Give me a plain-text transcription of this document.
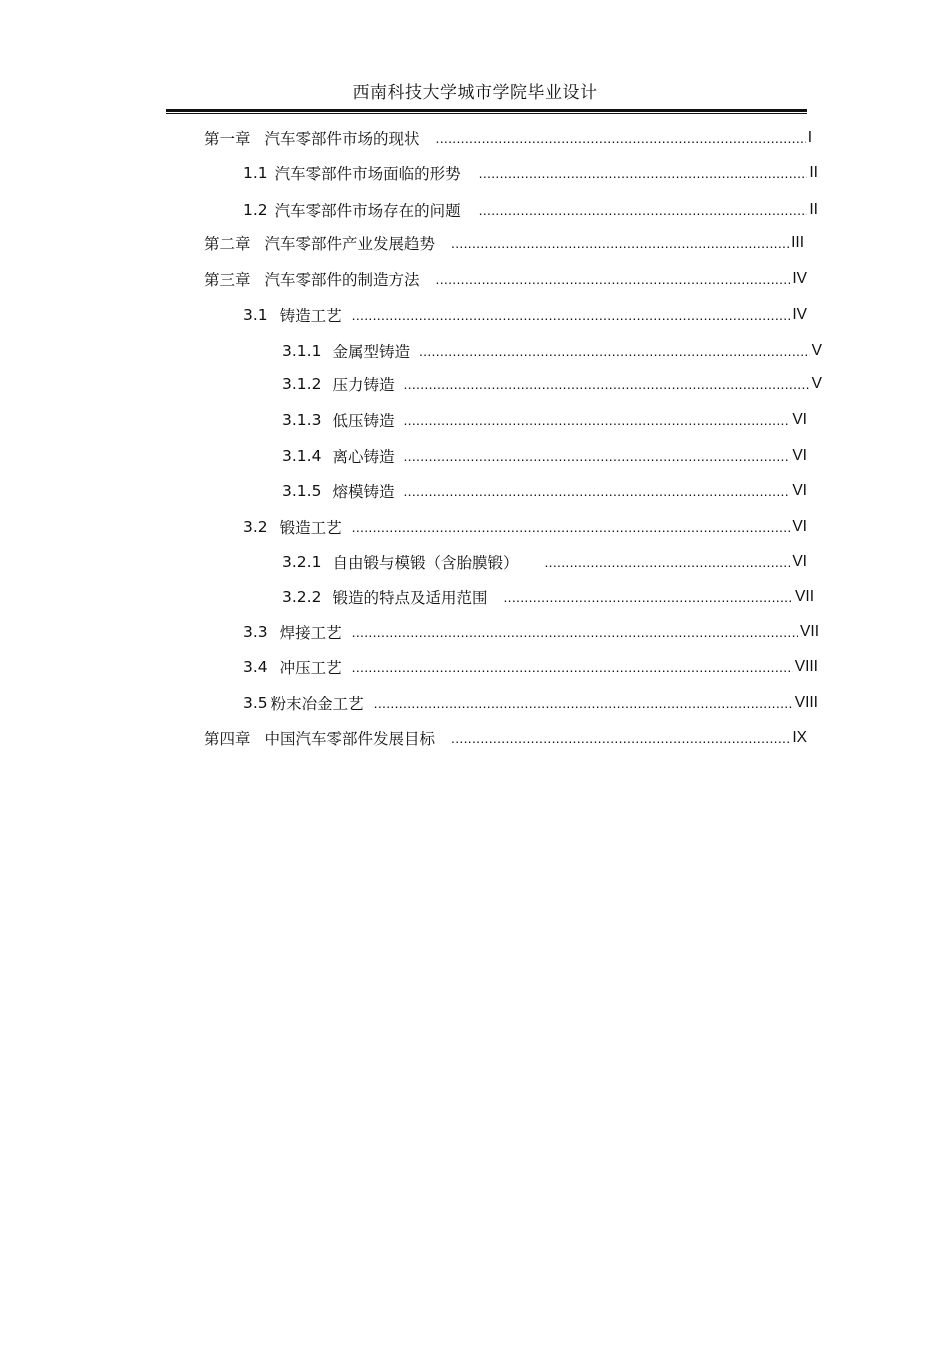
西南科技大学城市学院毕业设计
第一章 汽车零部件市场的现状 .....	I
1.1 汽车零部件市场面临的形势 .....	II
1.2 汽车零部件市场存在的问题 .....	II
第二章 汽车零部件产业发展趋势 .....	III
第三章 汽车零部件的制造方法 .....	IV
3.1 铸造工艺 .....	IV
3.1.1 金属型铸造 .....	V
3.1.2 压力铸造 .....	V
3.1.3 低压铸造 .....	VI
3.1.4 离心铸造 .....	VI
3.1.5 熔模铸造 .....	VI
3.2 锻造工艺 .....	VI
3.2.1 自由锻与模锻（含胎膜锻） .....	VI
3.2.2 锻造的特点及适用范围 .....	VII
3.3 焊接工艺 .....	VII
3.4 冲压工艺 .....	VIII
3.5 粉末冶金工艺 .....	VIII
第四章 中国汽车零部件发展目标 .....	IX
